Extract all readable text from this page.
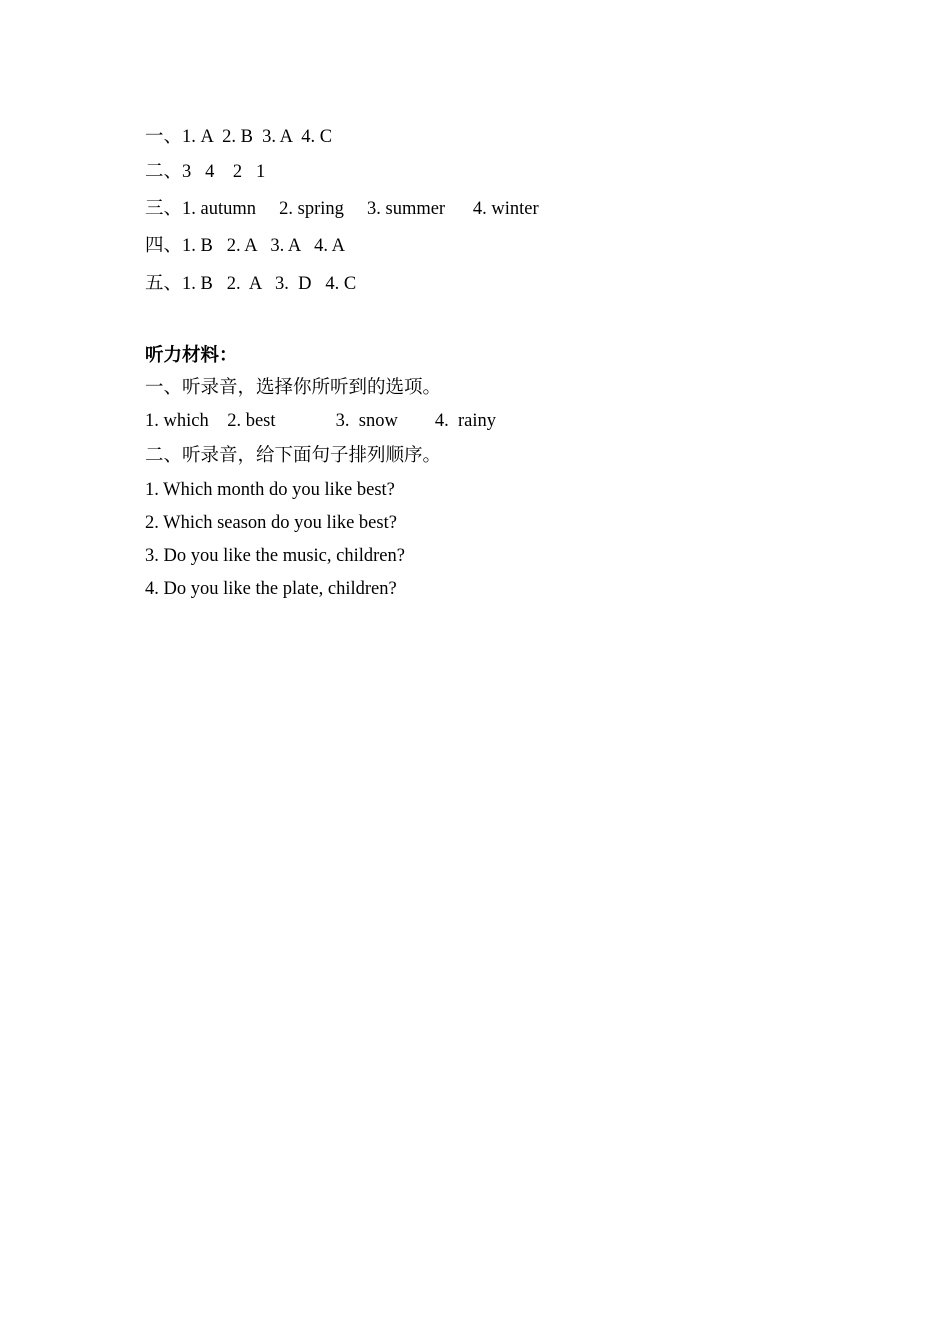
一、1. A  2. B  3. A  4. C
二、3   4    2   1
三、1. autumn     2. spring     3. summer      4. winter
四、1. B   2. A   3. A   4. A
五、1. B   2.  A   3.  D   4. C
听力材料：
一、听录音，选择你所听到的选项。
1. which    2. best             3.  snow        4.  rainy
二、听录音，给下面句子排列顺序。
1. Which month do you like best?
2. Which season do you like best?
3. Do you like the music, children?
4. Do you like the plate, children?
